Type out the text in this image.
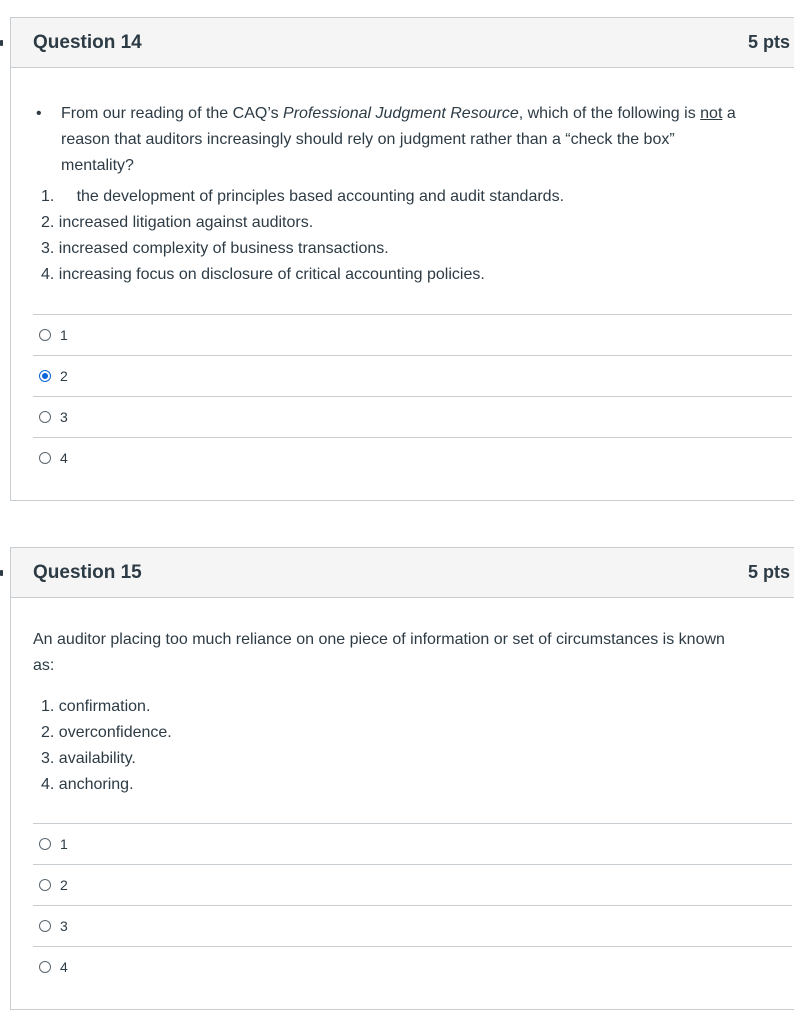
Question 14	5 pts
•	From our reading of the CAQ’s Professional Judgment Resource, which of the following is not a
reason that auditors increasingly should rely on judgment rather than a “check the box”
mentality?
1.     the development of principles based accounting and audit standards.
2. increased litigation against auditors.
3. increased complexity of business transactions.
4. increasing focus on disclosure of critical accounting policies.
1
2
3
4
Question 15	5 pts
An auditor placing too much reliance on one piece of information or set of circumstances is known
as:
1. confirmation.
2. overconfidence.
3. availability.
4. anchoring.
1
2
3
4
